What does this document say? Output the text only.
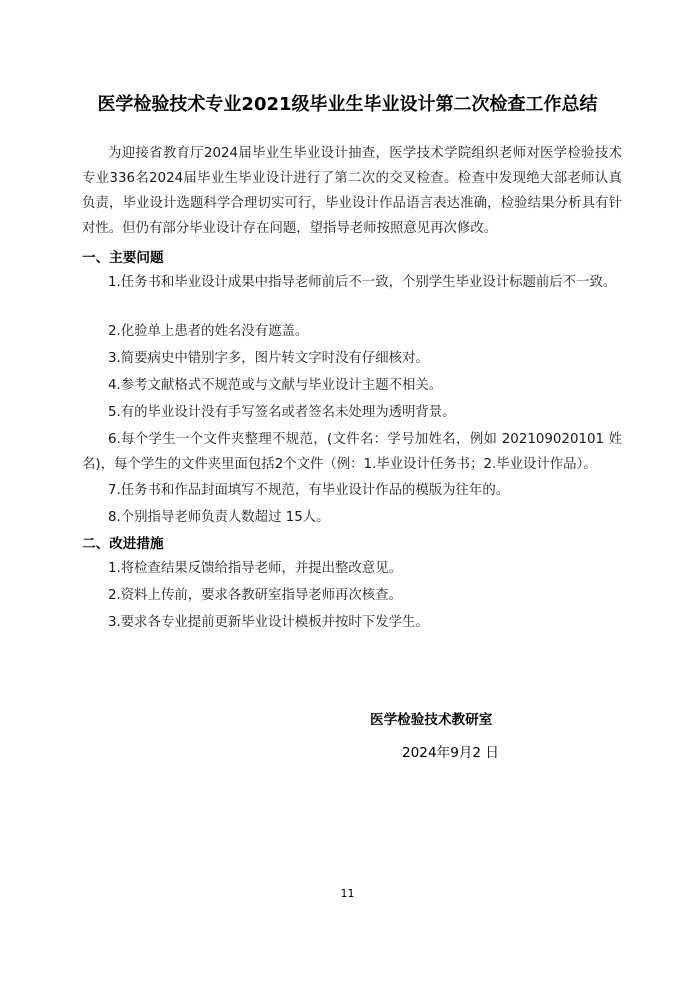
医学检验技术专业2021级毕业生毕业设计第二次检查工作总结
为迎接省教育厅2024届毕业生毕业设计抽查，医学技术学院组织老师对医学检验技术专业336名2024届毕业生毕业设计进行了第二次的交叉检查。检查中发现绝大部老师认真负责，毕业设计选题科学合理切实可行，毕业设计作品语言表达准确，检验结果分析具有针对性。但仍有部分毕业设计存在问题，望指导老师按照意见再次修改。
一、主要问题
1.任务书和毕业设计成果中指导老师前后不一致，个别学生毕业设计标题前后不一致。
2.化验单上患者的姓名没有遮盖。
3.简要病史中错别字多，图片转文字时没有仔细核对。
4.参考文献格式不规范或与文献与毕业设计主题不相关。
5.有的毕业设计没有手写签名或者签名未处理为透明背景。
6.每个学生一个文件夹整理不规范，(文件名：学号加姓名，例如 202109020101 姓名)，每个学生的文件夹里面包括2个文件（例：1.毕业设计任务书；2.毕业设计作品）。
7.任务书和作品封面填写不规范，有毕业设计作品的模版为往年的。
8.个别指导老师负责人数超过 15人。
二、改进措施
1.将检查结果反馈给指导老师，并提出整改意见。
2.资料上传前，要求各教研室指导老师再次核查。
3.要求各专业提前更新毕业设计模板并按时下发学生。
医学检验技术教研室
2024年9月2 日
11
